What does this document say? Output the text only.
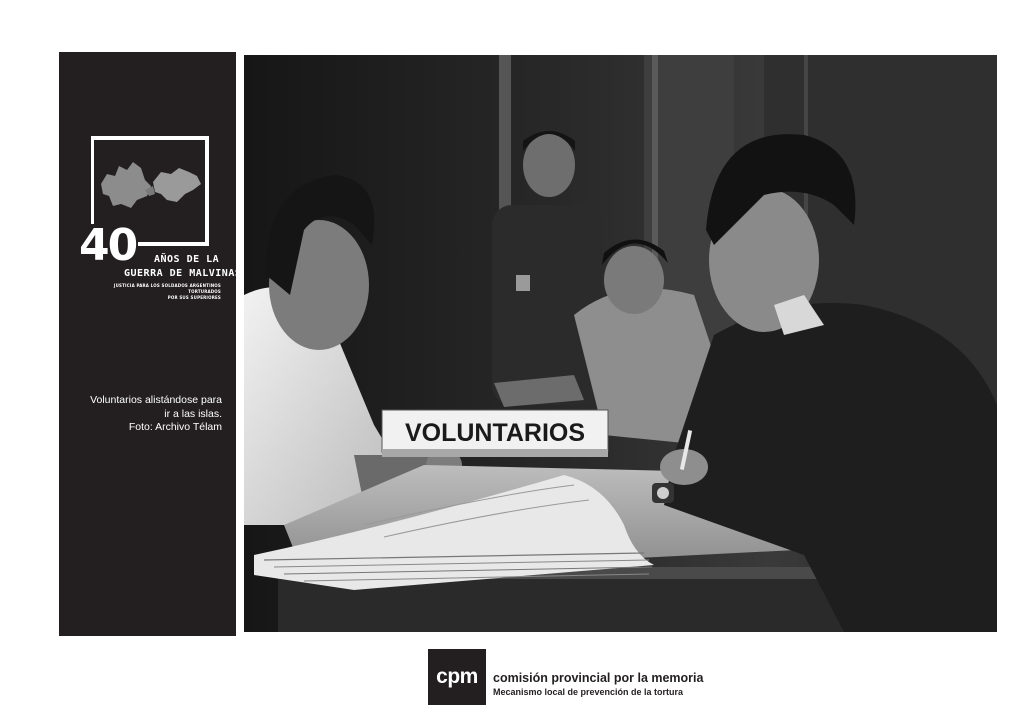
40 AÑOS DE LA
GUERRA DE MALVINAS
JUSTICIA PARA LOS SOLDADOS ARGENTINOS TORTURADOS
POR SUS SUPERIORES
Voluntarios alistándose para
ir a las islas.
Foto: Archivo Télam	VOLUNTARIOS
cpm	comisión provincial por la memoria
Mecanismo local de prevención de la tortura
